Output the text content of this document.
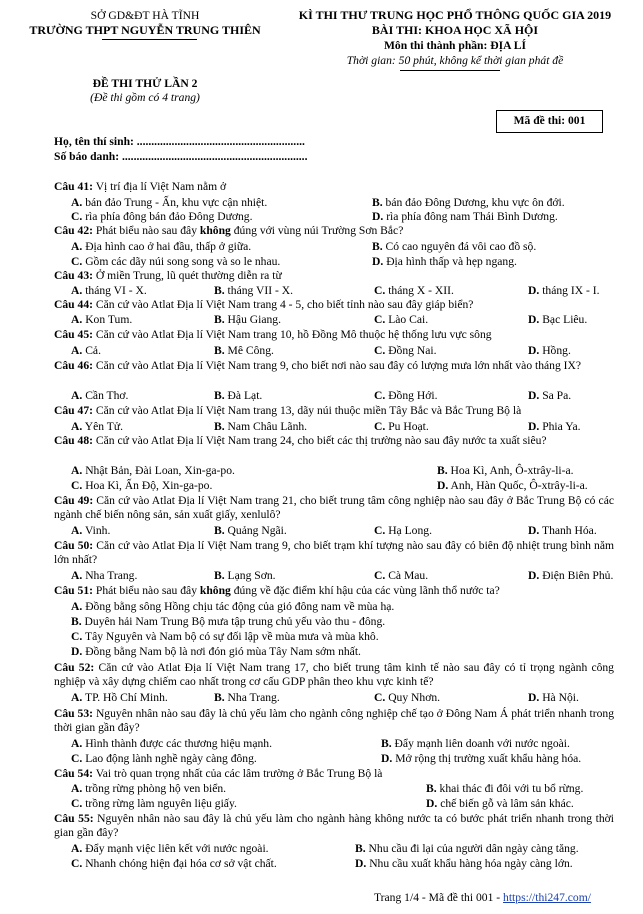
SỞ GD&ĐT HÀ TĨNH
TRƯỜNG THPT NGUYỄN TRUNG THIÊN
ĐỀ THI THỬ LẦN 2
(Đề thi gồm có 4 trang)
KÌ THI THƯ TRUNG HỌC PHỔ THÔNG QUỐC GIA 2019
BÀI THI: KHOA HỌC XÃ HỘI
Môn thi thành phần: ĐỊA LÍ
Thời gian: 50 phút, không kể thời gian phát đề
Mã đề thi: 001
Họ, tên thí sinh: ..........................................................
Số báo danh: ................................................................
Câu 41: Vị trí địa lí Việt Nam nằm ở
A. bán đảo Trung - Ấn, khu vực cận nhiệt.	B. bán đảo Đông Dương, khu vực ôn đới.
C. rìa phía đông bán đảo Đông Dương.	D. rìa phía đông nam Thái Bình Dương.
Câu 42: Phát biểu nào sau đây không đúng với vùng núi Trường Sơn Bắc?
A. Địa hình cao ở hai đầu, thấp ở giữa.	B. Có cao nguyên đá vôi cao đồ sộ.
C. Gồm các dãy núi song song và so le nhau.	D. Địa hình thấp và hẹp ngang.
Câu 43: Ở miền Trung, lũ quét thường diễn ra từ
A. tháng VI - X.	B. tháng VII - X.	C. tháng X - XII.	D. tháng IX - I.
Câu 44: Căn cứ vào Atlat Địa lí Việt Nam trang 4 - 5, cho biết tỉnh nào sau đây giáp biển?
A. Kon Tum.	B. Hậu Giang.	C. Lào Cai.	D. Bạc Liêu.
Câu 45: Căn cứ vào Atlat Địa lí Việt Nam trang 10, hồ Đồng Mô thuộc hệ thống lưu vực sông
A. Cả.	B. Mê Công.	C. Đồng Nai.	D. Hồng.
Câu 46: Căn cứ vào Atlat Địa lí Việt Nam trang 9, cho biết nơi nào sau đây có lượng mưa lớn nhất vào tháng IX?
A. Cần Thơ.	B. Đà Lạt.	C. Đồng Hới.	D. Sa Pa.
Câu 47: Căn cứ vào Atlat Địa lí Việt Nam trang 13, dãy núi thuộc miền Tây Bắc và Bắc Trung Bộ là
A. Yên Tử.	B. Nam Châu Lãnh.	C. Pu Hoạt.	D. Phia Ya.
Câu 48: Căn cứ vào Atlat Địa lí Việt Nam trang 24, cho biết các thị trường nào sau đây nước ta xuất siêu?
A. Nhật Bản, Đài Loan, Xin-ga-po.	B. Hoa Kì, Anh, Ô-xtrây-li-a.
C. Hoa Kì, Ấn Độ, Xin-ga-po.	D. Anh, Hàn Quốc, Ô-xtrây-li-a.
Câu 49: Căn cứ vào Atlat Địa lí Việt Nam trang 21, cho biết trung tâm công nghiệp nào sau đây ở Bắc Trung Bộ có các ngành chế biến nông sản, sản xuất giấy, xenlulô?
A. Vinh.	B. Quảng Ngãi.	C. Hạ Long.	D. Thanh Hóa.
Câu 50: Căn cứ vào Atlat Địa lí Việt Nam trang 9, cho biết trạm khí tượng nào sau đây có biên độ nhiệt trung bình năm lớn nhất?
A. Nha Trang.	B. Lạng Sơn.	C. Cà Mau.	D. Điện Biên Phủ.
Câu 51: Phát biểu nào sau đây không đúng về đặc điểm khí hậu của các vùng lãnh thổ nước ta?
A. Đồng bằng sông Hồng chịu tác động của gió đông nam về mùa hạ.
B. Duyên hải Nam Trung Bộ mưa tập trung chủ yếu vào thu - đông.
C. Tây Nguyên và Nam bộ có sự đối lập về mùa mưa và mùa khô.
D. Đồng bằng Nam bộ là nơi đón gió mùa Tây Nam sớm nhất.
Câu 52: Căn cứ vào Atlat Địa lí Việt Nam trang 17, cho biết trung tâm kinh tế nào sau đây có tỉ trọng ngành công nghiệp và xây dựng chiếm cao nhất trong cơ cấu GDP phân theo khu vực kinh tế?
A. TP. Hồ Chí Minh.	B. Nha Trang.	C. Quy Nhơn.	D. Hà Nội.
Câu 53: Nguyên nhân nào sau đây là chủ yếu làm cho ngành công nghiệp chế tạo ở Đông Nam Á phát triển nhanh trong thời gian gần đây?
A. Hình thành được các thương hiệu mạnh.	B. Đẩy mạnh liên doanh với nước ngoài.
C. Lao động lành nghề ngày càng đông.	D. Mở rộng thị trường xuất khẩu hàng hóa.
Câu 54: Vai trò quan trọng nhất của các lâm trường ở Bắc Trung Bộ là
A. trồng rừng phòng hộ ven biển.	B. khai thác đi đôi với tu bổ rừng.
C. trồng rừng làm nguyên liệu giấy.	D. chế biến gỗ và lâm sản khác.
Câu 55: Nguyên nhân nào sau đây là chủ yếu làm cho ngành hàng không nước ta có bước phát triển nhanh trong thời gian gần đây?
A. Đẩy mạnh việc liên kết với nước ngoài.	B. Nhu cầu đi lại của người dân ngày càng tăng.
C. Nhanh chóng hiện đại hóa cơ sở vật chất.	D. Nhu cầu xuất khẩu hàng hóa ngày càng lớn.
Trang 1/4 - Mã đề thi 001 - https://thi247.com/
